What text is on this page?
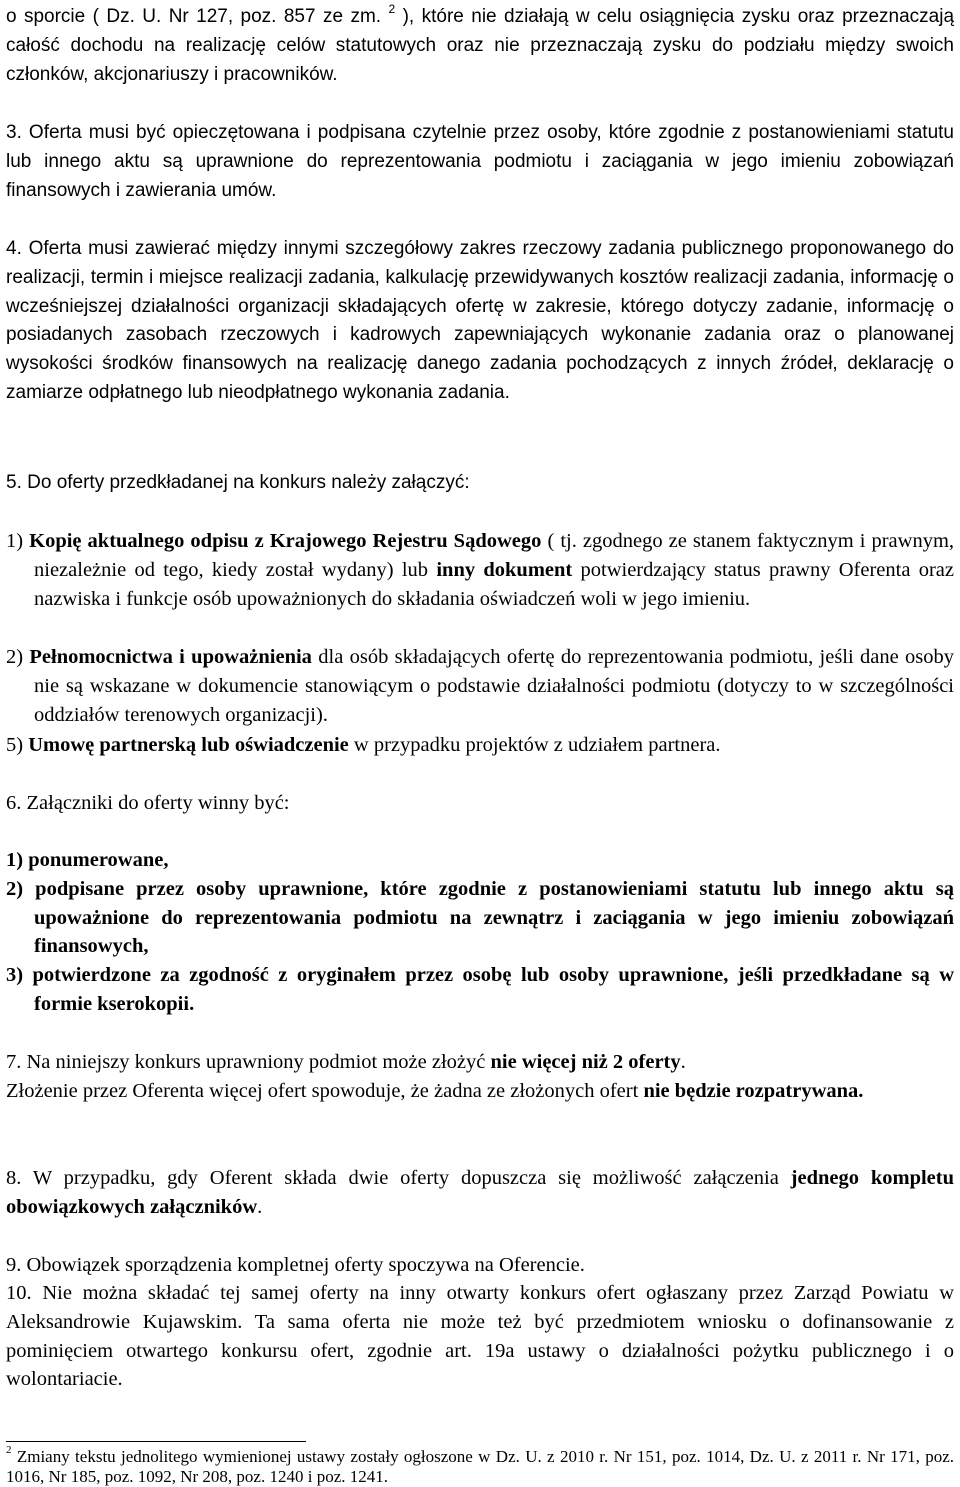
o sporcie ( Dz. U. Nr 127, poz. 857 ze zm. $^2$ ), które nie działają w celu osiągnięcia zysku oraz przeznaczają całość dochodu na realizację celów statutowych oraz nie przeznaczają zysku do podziału między swoich członków, akcjonariuszy i pracowników.

3. Oferta musi być opieczętowana i podpisana czytelnie przez osoby, które zgodnie z postanowieniami statutu lub innego aktu są uprawnione do reprezentowania podmiotu i zaciągania w jego imieniu zobowiązań finansowych i zawierania umów.

4. Oferta musi zawierać między innymi szczegółowy zakres rzeczowy zadania publicznego proponowanego do realizacji, termin i miejsce realizacji zadania, kalkulację przewidywanych kosztów realizacji zadania, informację o wcześniejszej działalności organizacji składających ofertę w zakresie, którego dotyczy zadanie, informację o posiadanych zasobach rzeczowych i kadrowych zapewniających wykonanie zadania oraz o planowanej wysokości środków finansowych na realizację danego zadania pochodzących z innych źródeł, deklarację o zamiarze odpłatnego lub nieodpłatnego wykonania zadania.

5. Do oferty przedkładanej na konkurs należy załączyć:

1) Kopię aktualnego odpisu z Krajowego Rejestru Sądowego ( tj. zgodnego ze stanem faktycznym i prawnym, niezależnie od tego, kiedy został wydany) lub inny dokument potwierdzający status prawny Oferenta oraz nazwiska i funkcje osób upoważnionych do składania oświadczeń woli w jego imieniu.

2) Pełnomocnictwa i upoważnienia dla osób składających ofertę do reprezentowania podmiotu, jeśli dane osoby nie są wskazane w dokumencie stanowiącym o podstawie działalności podmiotu (dotyczy to w szczególności oddziałów terenowych organizacji).

5) Umowę partnerską lub oświadczenie w przypadku projektów z udziałem partnera.

6. Załączniki do oferty winny być:

1) ponumerowane,

2) podpisane przez osoby uprawnione, które zgodnie z postanowieniami statutu lub innego aktu są upoważnione do reprezentowania podmiotu na zewnątrz i zaciągania w jego imieniu zobowiązań finansowych,

3) potwierdzone za zgodność z oryginałem przez osobę lub osoby uprawnione, jeśli przedkładane są w formie kserokopii.

7. Na niniejszy konkurs uprawniony podmiot może złożyć nie więcej niż 2 oferty.

Złożenie przez Oferenta więcej ofert spowoduje, że żadna ze złożonych ofert nie będzie rozpatrywana.

8. W przypadku, gdy Oferent składa dwie oferty dopuszcza się możliwość załączenia jednego kompletu obowiązkowych załączników.

9. Obowiązek sporządzenia kompletnej oferty spoczywa na Oferencie.

10. Nie można składać tej samej oferty na inny otwarty konkurs ofert ogłaszany przez Zarząd Powiatu w Aleksandrowie Kujawskim. Ta sama oferta nie może też być przedmiotem wniosku o dofinansowanie z pominięciem otwartego konkursu ofert, zgodnie art. 19a ustawy o działalności pożytku publicznego i o wolontariacie.

$^2$ Zmiany tekstu jednolitego wymienionej ustawy zostały ogłoszone w Dz. U. z 2010 r. Nr 151, poz. 1014, Dz. U. z 2011 r. Nr 171, poz. 1016, Nr 185, poz. 1092, Nr 208, poz. 1240 i poz. 1241.
